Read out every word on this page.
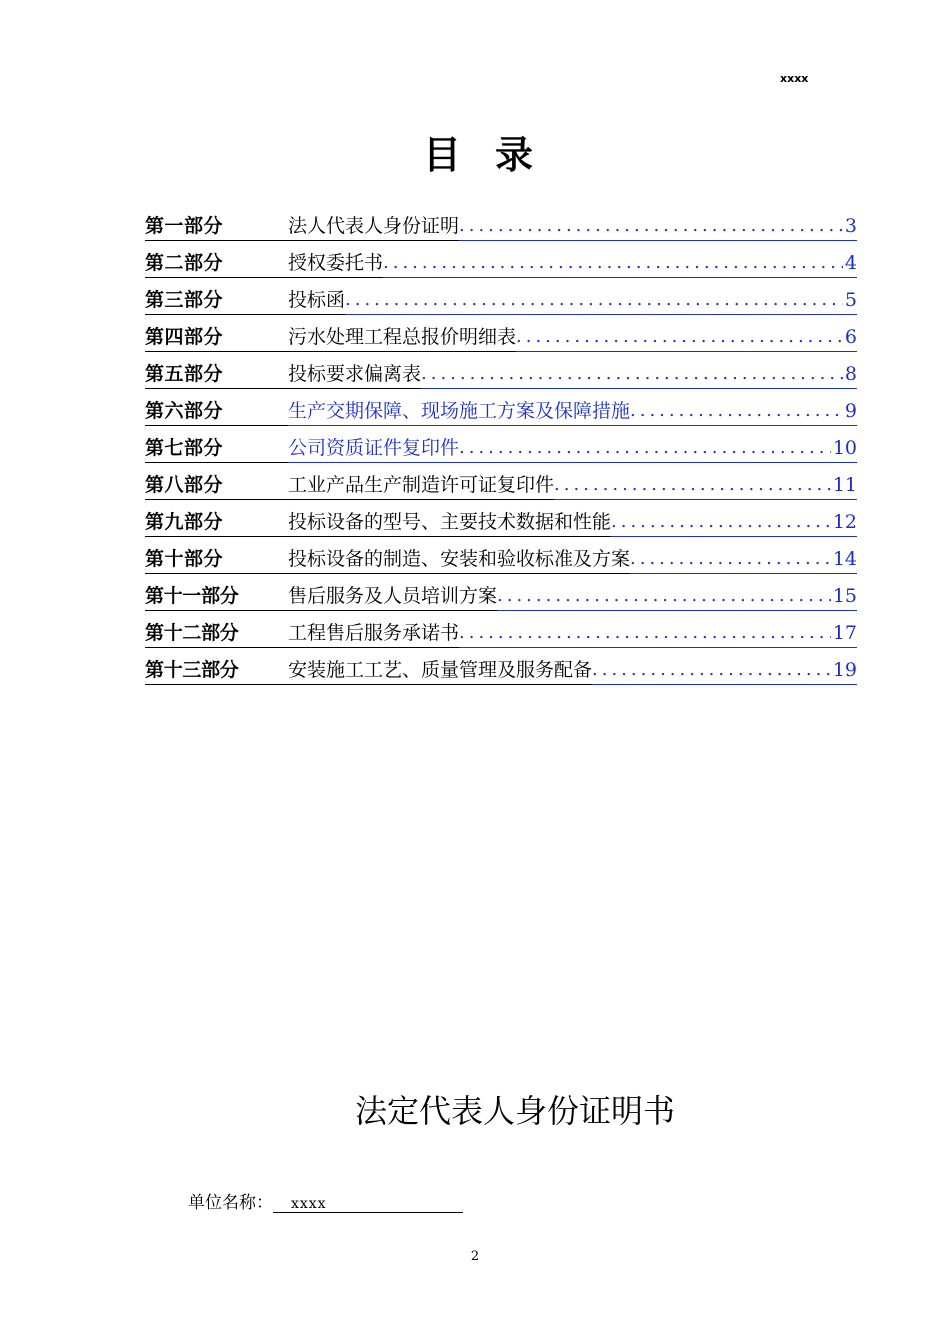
xxxx
目录
第一部分	法人代表人身份证明 .....	3
第二部分	授权委托书 .....	4
第三部分	投标函 .....	5
第四部分	污水处理工程总报价明细表 .....	6
第五部分	投标要求偏离表 .....	8
第六部分	生产交期保障、现场施工方案及保障措施 .....	9
第七部分	公司资质证件复印件 .....	10
第八部分	工业产品生产制造许可证复印件 .....	11
第九部分	投标设备的型号、主要技术数据和性能 .....	12
第十部分	投标设备的制造、安装和验收标准及方案 .....	14
第十一部分	售后服务及人员培训方案 .....	15
第十二部分	工程售后服务承诺书 .....	17
第十三部分	安装施工工艺、质量管理及服务配备 .....	19
法定代表人身份证明书
单位名称：	xxxx
2
